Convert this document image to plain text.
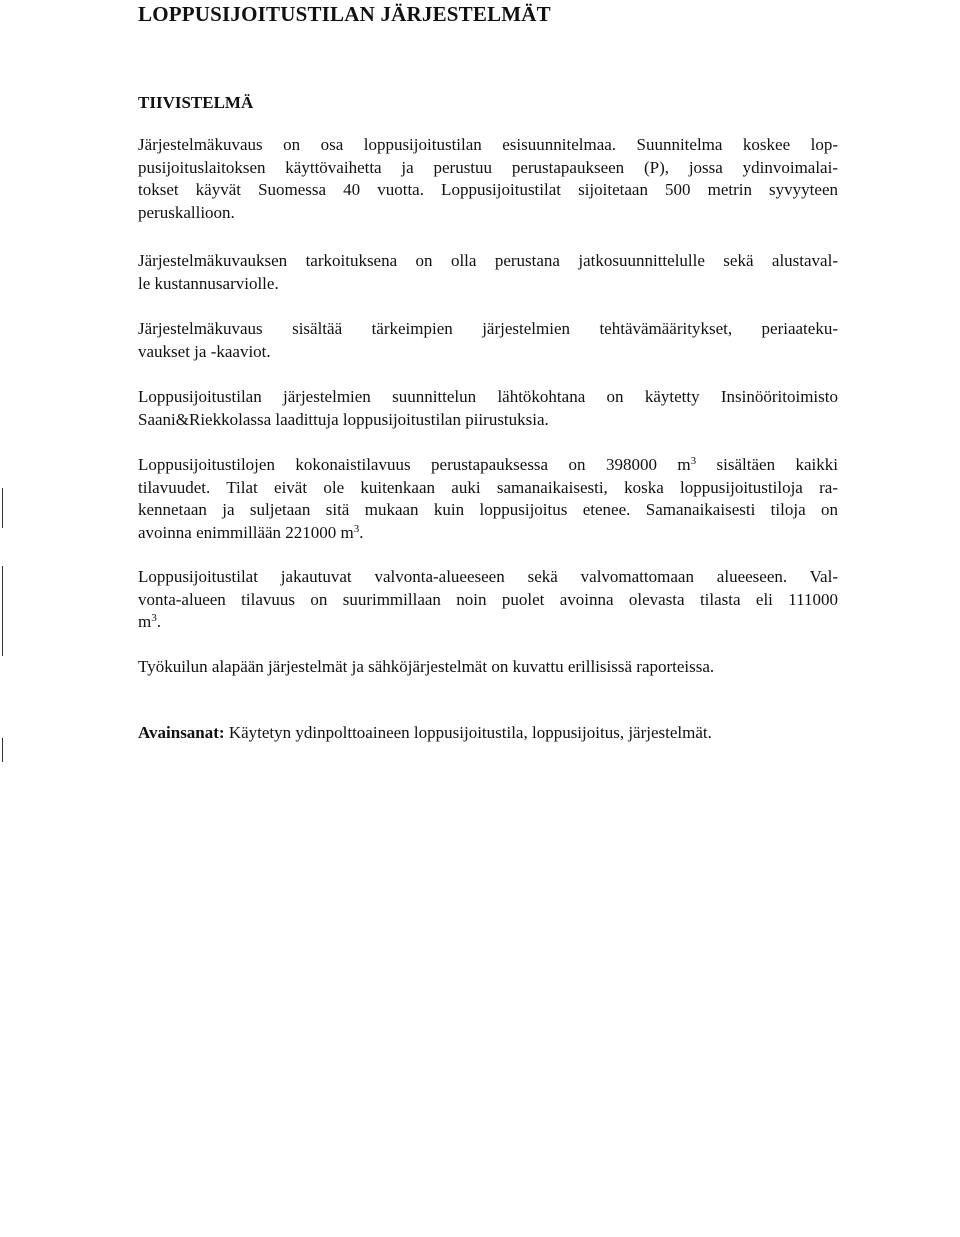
LOPPUSIJOITUSTILAN JÄRJESTELMÄT
TIIVISTELMÄ

Järjestelmäkuvaus on osa loppusijoitustilan esisuunnitelmaa. Suunnitelma koskee lop-
pusijoituslaitoksen käyttövaihetta ja perustuu perustapaukseen (P), jossa ydinvoimalai-
tokset käyvät Suomessa 40 vuotta. Loppusijoitustilat sijoitetaan 500 metrin syvyyteen
peruskallioon.

Järjestelmäkuvauksen tarkoituksena on olla perustana jatkosuunnittelulle sekä alustaval-
le kustannusarviolle.

Järjestelmäkuvaus sisältää tärkeimpien järjestelmien tehtävämääritykset, periaateku-
vaukset ja -kaaviot.

Loppusijoitustilan järjestelmien suunnittelun lähtökohtana on käytetty Insinööritoimisto
Saani&Riekkolassa laadittuja loppusijoitustilan piirustuksia.

Loppusijoitustilojen kokonaistilavuus perustapauksessa on 398000 $m^3$ sisältäen kaikki
tilavuudet. Tilat eivät ole kuitenkaan auki samanaikaisesti, koska loppusijoitustiloja ra-
kennetaan ja suljetaan sitä mukaan kuin loppusijoitus etenee. Samanaikaisesti tiloja on
avoinna enimmillään 221000 $m^3$.

Loppusijoitustilat jakautuvat valvonta-alueeseen sekä valvomattomaan alueeseen. Val-
vonta-alueen tilavuus on suurimmillaan noin puolet avoinna olevasta tilasta eli 111000
$m^3$.

Työkuilun alapään järjestelmät ja sähköjärjestelmät on kuvattu erillisissä raporteissa.

Avainsanat: Käytetyn ydinpolttoaineen loppusijoitustila, loppusijoitus, järjestelmät.
